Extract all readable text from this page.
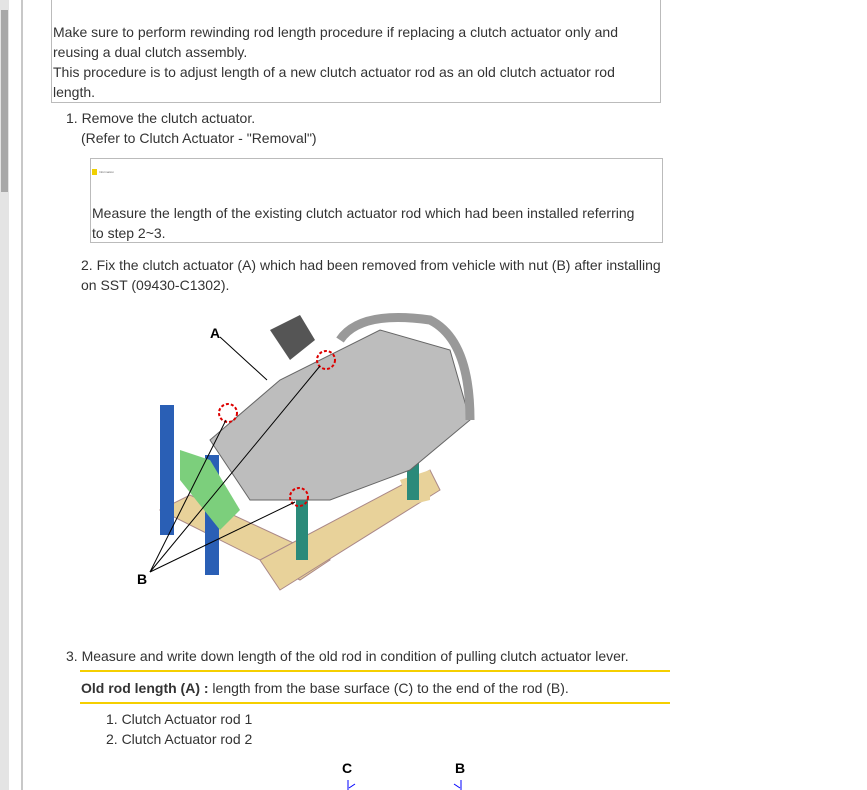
Make sure to perform rewinding rod length procedure if replacing a clutch actuator only and
reusing a dual clutch assembly.
This procedure is to adjust length of a new clutch actuator rod as an old clutch actuator rod
length.
1. Remove the clutch actuator.
(Refer to Clutch Actuator - "Removal")
Information
Measure the length of the existing clutch actuator rod which had been installed referring
to step 2~3.
2. Fix the clutch actuator (A) which had been removed from vehicle with nut (B) after installing
on SST (09430-C1302).
A
B
3. Measure and write down length of the old rod in condition of pulling clutch actuator lever.
Old rod length (A) : length from the base surface (C) to the end of the rod (B).
1. Clutch Actuator rod 1
2. Clutch Actuator rod 2
C	B
